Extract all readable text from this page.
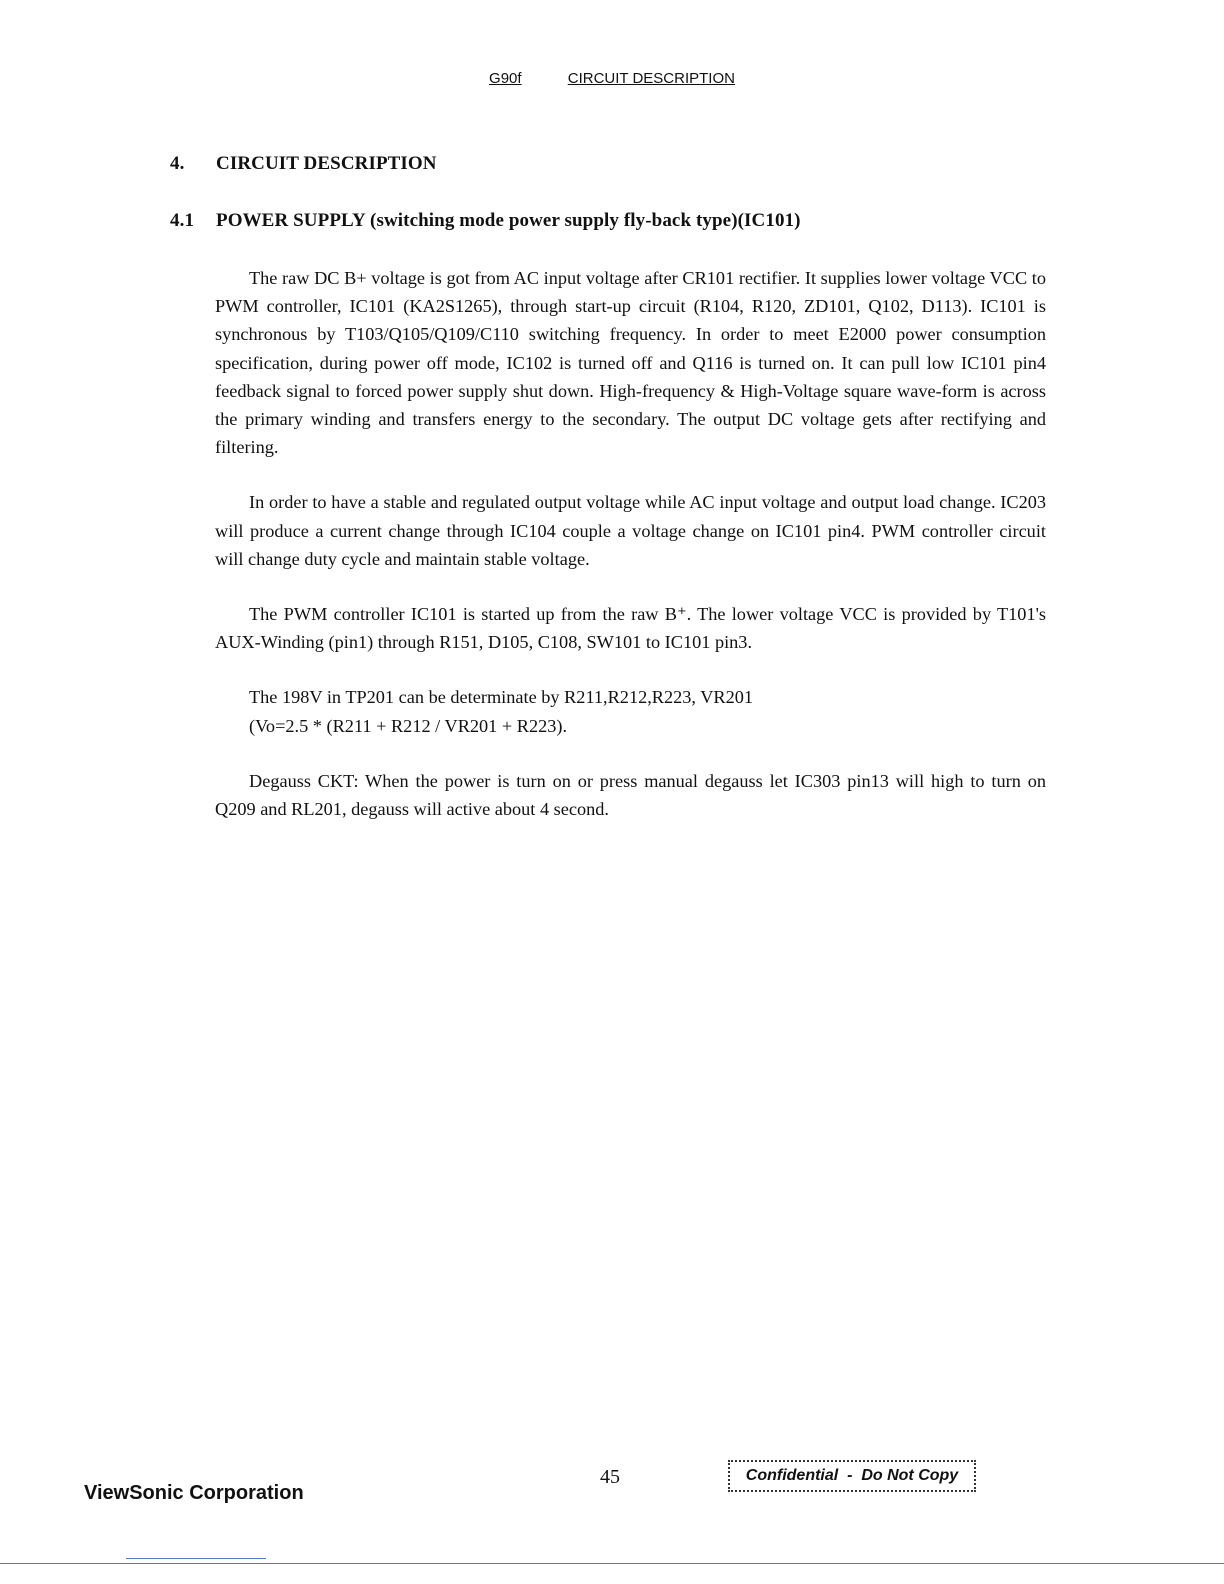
G90f	CIRCUIT DESCRIPTION
4. CIRCUIT DESCRIPTION
4.1 POWER SUPPLY (switching mode power supply fly-back type)(IC101)

The raw DC B+ voltage is got from AC input voltage after CR101 rectifier. It supplies lower voltage VCC to PWM controller, IC101 (KA2S1265), through start-up circuit (R104, R120, ZD101, Q102, D113). IC101 is synchronous by T103/Q105/Q109/C110 switching frequency. In order to meet E2000 power consumption specification, during power off mode, IC102 is turned off and Q116 is turned on. It can pull low IC101 pin4 feedback signal to forced power supply shut down. High-frequency & High-Voltage square wave-form is across the primary winding and transfers energy to the secondary. The output DC voltage gets after rectifying and filtering.

In order to have a stable and regulated output voltage while AC input voltage and output load change. IC203 will produce a current change through IC104 couple a voltage change on IC101 pin4. PWM controller circuit will change duty cycle and maintain stable voltage.

The PWM controller IC101 is started up from the raw B⁺. The lower voltage VCC is provided by T101's AUX-Winding (pin1) through R151, D105, C108, SW101 to IC101 pin3.

The 198V in TP201 can be determinate by R211,R212,R223, VR201
(Vo=2.5 * (R211 + R212 / VR201 + R223).

Degauss CKT: When the power is turn on or press manual degauss let IC303 pin13 will high to turn on Q209 and RL201, degauss will active about 4 second.

ViewSonic Corporation
45	Confidential  -  Do Not Copy
